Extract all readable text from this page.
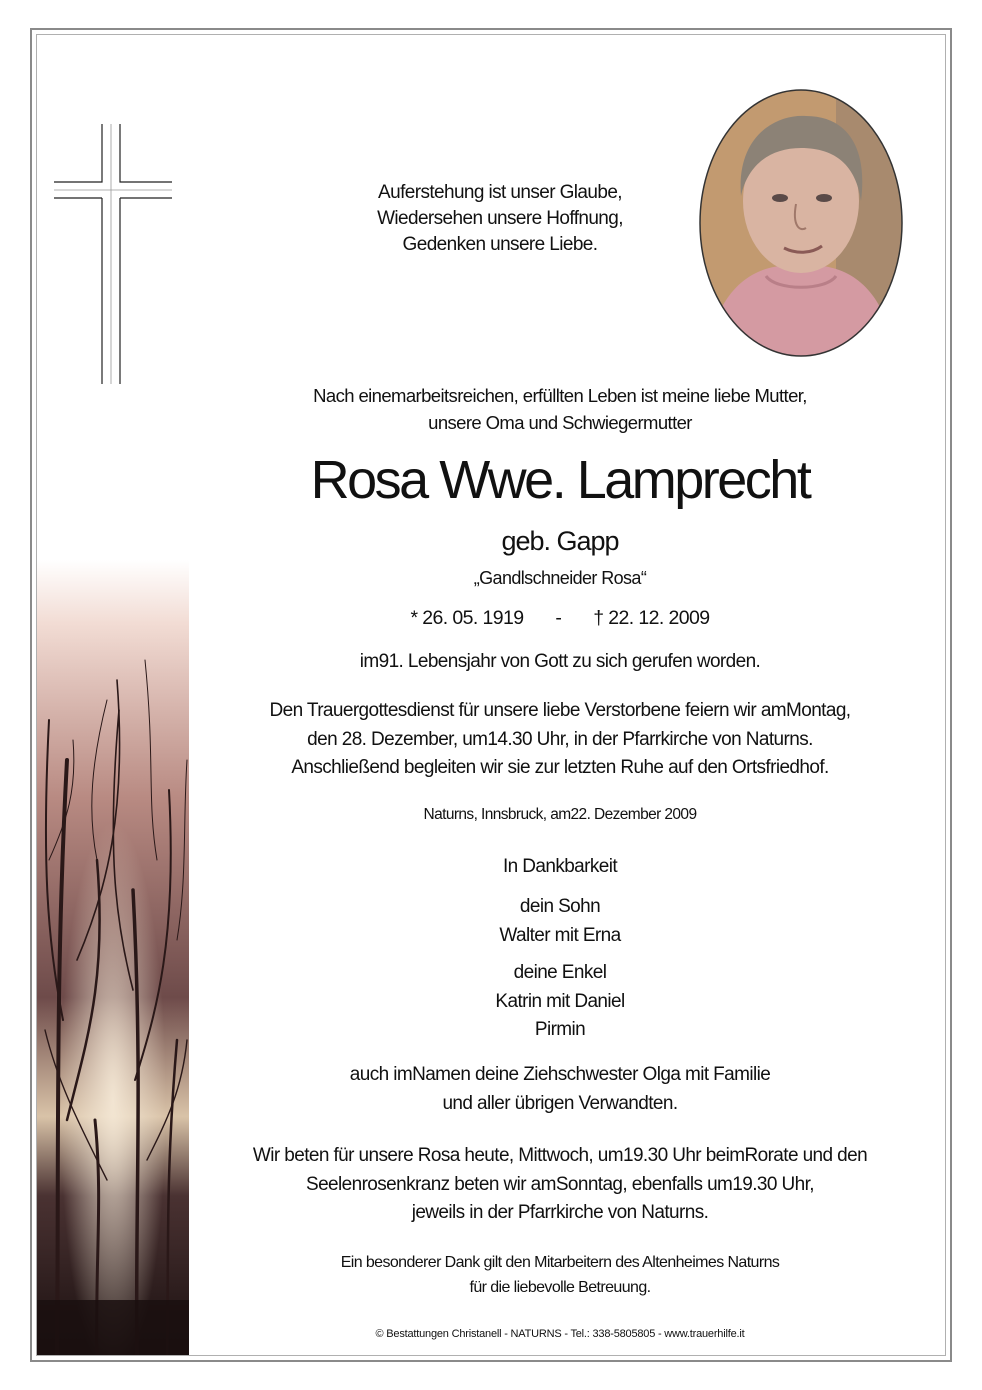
Auferstehung ist unser Glaube,
Wiedersehen unsere Hoffnung,
Gedenken unsere Liebe.
Nach einemarbeitsreichen, erfüllten Leben ist meine liebe Mutter,
unsere Oma und Schwiegermutter
Rosa Wwe. Lamprecht
geb. Gapp
„Gandlschneider Rosa“
* 26. 05. 1919 - † 22. 12. 2009
im91. Lebensjahr von Gott zu sich gerufen worden.
Den Trauergottesdienst für unsere liebe Verstorbene feiern wir amMontag,
den 28. Dezember, um14.30 Uhr, in der Pfarrkirche von Naturns.
Anschließend begleiten wir sie zur letzten Ruhe auf den Ortsfriedhof.
Naturns, Innsbruck, am22. Dezember 2009
In Dankbarkeit
dein Sohn
Walter mit Erna
deine Enkel
Katrin mit Daniel
Pirmin
auch imNamen deine Ziehschwester Olga mit Familie
und aller übrigen Verwandten.
Wir beten für unsere Rosa heute, Mittwoch, um19.30 Uhr beimRorate und den
Seelenrosenkranz beten wir amSonntag, ebenfalls um19.30 Uhr,
jeweils in der Pfarrkirche von Naturns.
Ein besonderer Dank gilt den Mitarbeitern des Altenheimes Naturns
für die liebevolle Betreuung.
© Bestattungen Christanell - NATURNS - Tel.: 338-5805805 - www.trauerhilfe.it
